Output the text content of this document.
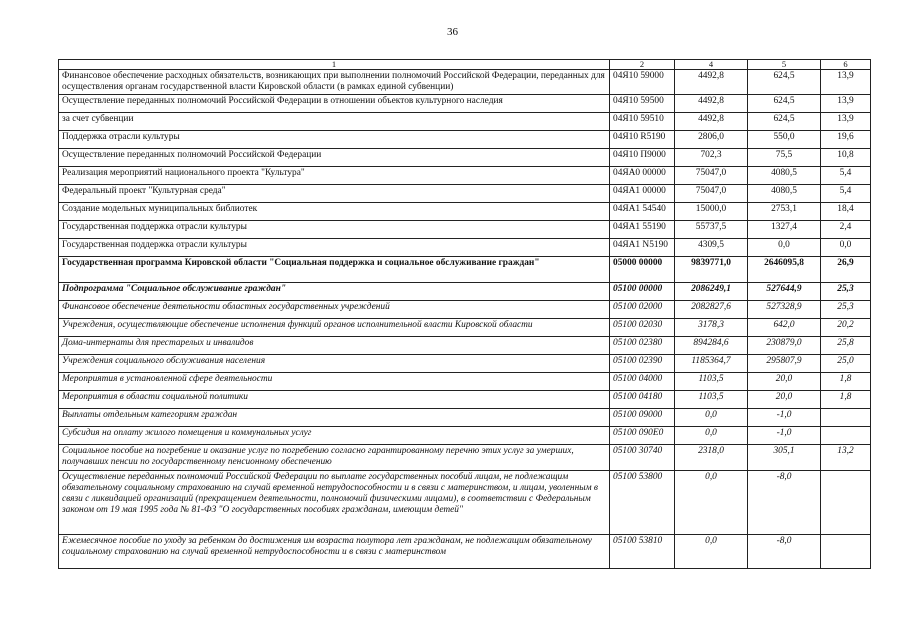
36
1	2	4	5	6
Финансовое обеспечение расходных обязательств, возникающих при выполнении полномочий Российской Федерации, переданных для осуществления органам государственной власти Кировской области (в рамках единой субвенции)	04Я10 59000	4492,8	624,5	13,9
Осуществление переданных полномочий Российской Федерации в отношении объектов культурного наследия	04Я10 59500	4492,8	624,5	13,9
за счет субвенции	04Я10 59510	4492,8	624,5	13,9
Поддержка отрасли культуры	04Я10 R5190	2806,0	550,0	19,6
Осуществление переданных полномочий Российской Федерации	04Я10 П9000	702,3	75,5	10,8
Реализация мероприятий национального проекта "Культура"	04ЯА0 00000	75047,0	4080,5	5,4
Федеральный проект "Культурная среда"	04ЯА1 00000	75047,0	4080,5	5,4
Создание модельных муниципальных библиотек	04ЯА1 54540	15000,0	2753,1	18,4
Государственная поддержка отрасли культуры	04ЯА1 55190	55737,5	1327,4	2,4
Государственная поддержка отрасли культуры	04ЯА1 N5190	4309,5	0,0	0,0
Государственная программа Кировской области "Социальная поддержка и социальное обслуживание граждан"	05000 00000	9839771,0	2646095,8	26,9
Подпрограмма "Социальное обслуживание граждан"	05100 00000	2086249,1	527644,9	25,3
Финансовое обеспечение деятельности областных государственных учреждений	05100 02000	2082827,6	527328,9	25,3
Учреждения, осуществляющие обеспечение исполнения функций органов исполнительной власти Кировской области	05100 02030	3178,3	642,0	20,2
Дома-интернаты для престарелых и инвалидов	05100 02380	894284,6	230879,0	25,8
Учреждения социального обслуживания населения	05100 02390	1185364,7	295807,9	25,0
Мероприятия в установленной сфере деятельности	05100 04000	1103,5	20,0	1,8
Мероприятия в области социальной политики	05100 04180	1103,5	20,0	1,8
Выплаты отдельным категориям граждан	05100 09000	0,0	-1,0	
Субсидия на оплату жилого помещения и коммунальных услуг	05100 090Е0	0,0	-1,0	
Социальное пособие на погребение и оказание услуг по погребению согласно гарантированному перечню этих услуг за умерших, получавших пенсии по государственному пенсионному обеспечению	05100 30740	2318,0	305,1	13,2
Осуществление переданных полномочий Российской Федерации по выплате государственных пособий лицам, не подлежащим обязательному социальному страхованию на случай временной нетрудоспособности и в связи с материнством, и лицам, уволенным в связи с ликвидацией организаций (прекращением деятельности, полномочий физическими лицами), в соответствии с Федеральным законом от 19 мая 1995 года № 81-ФЗ "О государственных пособиях гражданам, имеющим детей"	05100 53800	0,0	-8,0	
Ежемесячное пособие по уходу за ребенком до достижения им возраста полутора лет гражданам, не подлежащим обязательному социальному страхованию на случай временной нетрудоспособности и в связи с материнством	05100 53810	0,0	-8,0	
